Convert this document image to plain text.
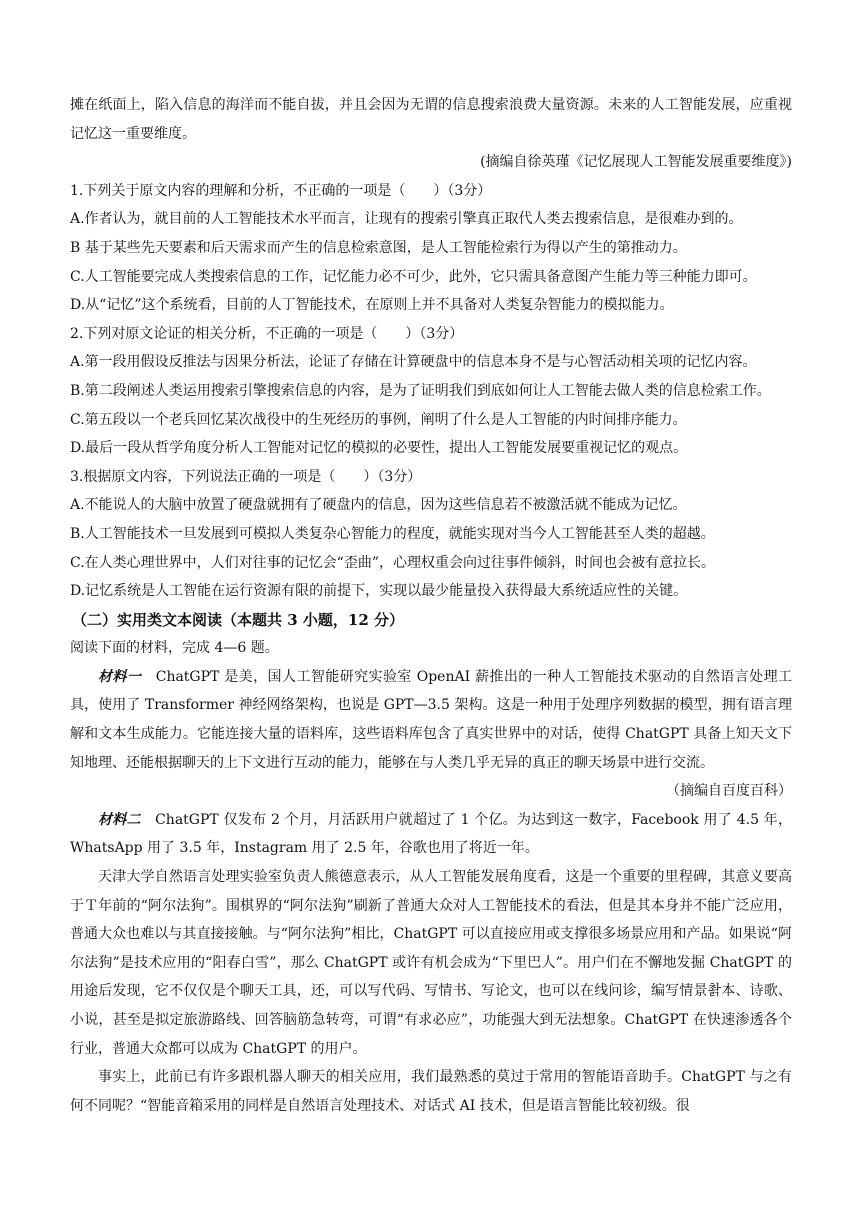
摊在纸面上，陷入信息的海洋而不能自拔，并且会因为无谓的信息搜索浪费大量资源。未来的人工智能发展，应重视记忆这一重要维度。

(摘编自徐英瑾《记忆展现人工智能发展重要维度》)

1.下列关于原文内容的理解和分析，不正确的一项是（　　）（3分）

A.作者认为，就目前的人工智能技术水平而言，让现有的搜索引擎真正取代人类去搜索信息，是很难办到的。

B 基于某些先天要素和后天需求而产生的信息检索意图，是人工智能检索行为得以产生的第推动力。

C.人工智能要完成人类搜索信息的工作，记忆能力必不可少，此外，它只需具备意图产生能力等三种能力即可。

D.从“记忆”这个系统看，目前的人丁智能技术，在原则上并不具备对人类复杂智能力的模拟能力。

2.下列对原文论证的相关分析，不正确的一项是（　　）（3分）

A.第一段用假设反推法与因果分析法，论证了存储在计算硬盘中的信息本身不是与心智活动相关项的记忆内容。

B.第二段阐述人类运用搜索引擎搜索信息的内容，是为了证明我们到底如何让人工智能去做人类的信息检索工作。

C.第五段以一个老兵回忆某次战役中的生死经历的事例，阐明了什么是人工智能的内时间排序能力。

D.最后一段从哲学角度分析人工智能对记忆的模拟的必要性，提出人工智能发展要重视记忆的观点。

3.根据原文内容，下列说法正确的一项是（　　）（3分）

A.不能说人的大脑中放置了硬盘就拥有了硬盘内的信息，因为这些信息若不被激活就不能成为记忆。

B.人工智能技术一旦发展到可模拟人类复杂心智能力的程度，就能实现对当今人工智能甚至人类的超越。

C.在人类心理世界中，人们对往事的记忆会“歪曲”，心理权重会向过往事件倾斜，时间也会被有意拉长。

D.记忆系统是人工智能在运行资源有限的前提下，实现以最少能量投入获得最大系统适应性的关键。

（二）实用类文本阅读（本题共 3 小题，12 分）

阅读下面的材料，完成 4—6 题。

材料一　ChatGPT 是美，国人工智能研究实验室 OpenAI 薪推出的一种人工智能技术驱动的自然语言处理工具，使用了 Transformer 神经网络架构，也说是 GPT—3.5 架构。这是一种用于处理序列数据的模型，拥有语言理解和文本生成能力。它能连接大量的语料库，这些语料库包含了真实世界中的对话，使得 ChatGPT 具备上知天文下知地理、还能根据聊天的上下文进行互动的能力，能够在与人类几乎无异的真正的聊天场景中进行交流。

（摘编自百度百科）

材料二　ChatGPT 仅发布 2 个月，月活跃用户就超过了 1 个亿。为达到这一数字，Facebook 用了 4.5 年，WhatsApp 用了 3.5 年，Instagram 用了 2.5 年，谷歌也用了将近一年。

天津大学自然语言处理实验室负责人熊德意表示，从人工智能发展角度看，这是一个重要的里程碑，其意义要高于Ｔ年前的“阿尔法狗”。围棋界的“阿尔法狗”刷新了普通大众对人工智能技术的看法，但是其本身并不能广泛应用，普通大众也难以与其直接接触。与“阿尔法狗”相比，ChatGPT 可以直接应用或支撑很多场景应用和产品。如果说“阿尔法狗”是技术应用的“阳春白雪”，那么 ChatGPT 或许有机会成为“下里巴人”。用户们在不懈地发掘 ChatGPT 的用途后发现，它不仅仅是个聊天工具，还，可以写代码、写情书、写论文，也可以在线问诊，编写情景촭本、诗歌、小说，甚至是拟定旅游路线、回答脑筋急转弯，可谓“有求必应”，功能强大到无法想象。ChatGPT 在快速渗透各个行业，普通大众都可以成为 ChatGPT 的用户。

事实上，此前已有许多跟机器人聊天的相关应用，我们最熟悉的莫过于常用的智能语音助手。ChatGPT 与之有何不同呢？“智能音箱采用的同样是自然语言处理技术、对话式 AI 技术，但是语言智能比较初级。很
